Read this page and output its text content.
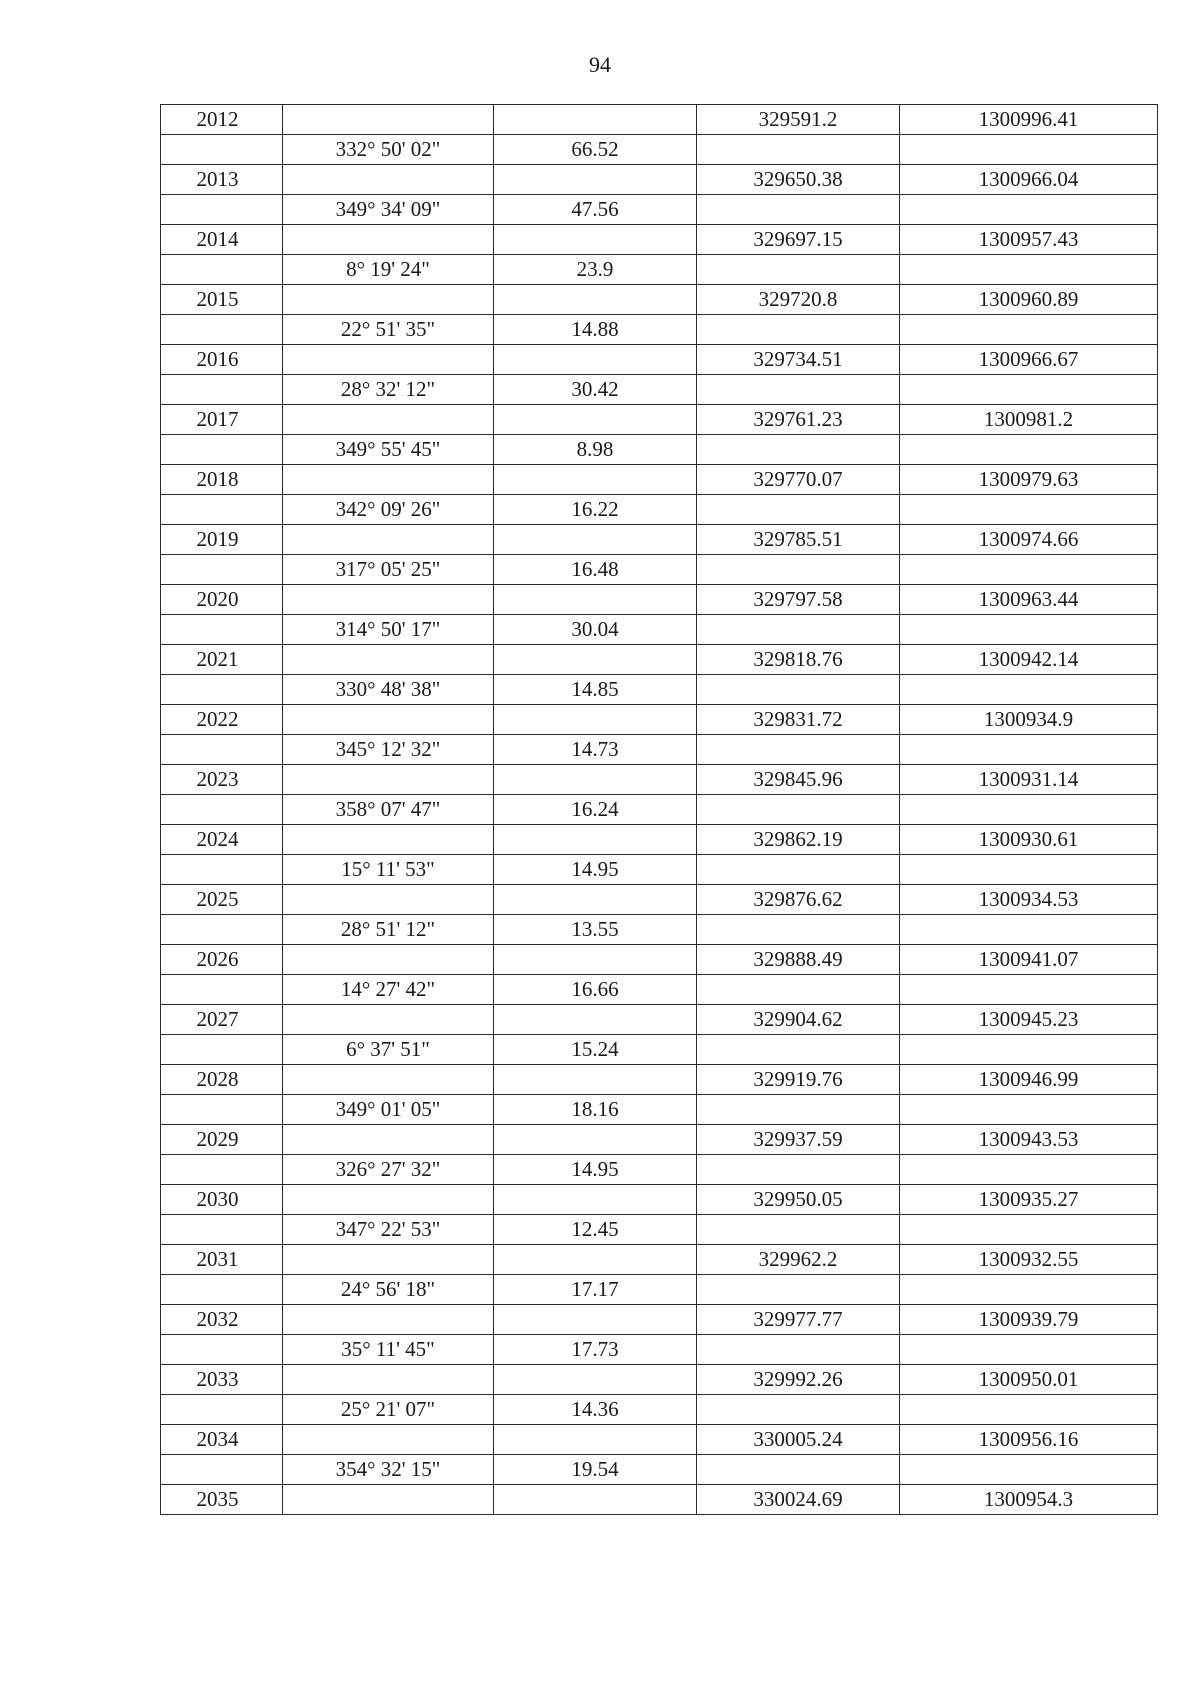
94
2012			329591.2	1300996.41
	332° 50' 02"	66.52		
2013			329650.38	1300966.04
	349° 34' 09"	47.56		
2014			329697.15	1300957.43
	8° 19' 24"	23.9		
2015			329720.8	1300960.89
	22° 51' 35"	14.88		
2016			329734.51	1300966.67
	28° 32' 12"	30.42		
2017			329761.23	1300981.2
	349° 55' 45"	8.98		
2018			329770.07	1300979.63
	342° 09' 26"	16.22		
2019			329785.51	1300974.66
	317° 05' 25"	16.48		
2020			329797.58	1300963.44
	314° 50' 17"	30.04		
2021			329818.76	1300942.14
	330° 48' 38"	14.85		
2022			329831.72	1300934.9
	345° 12' 32"	14.73		
2023			329845.96	1300931.14
	358° 07' 47"	16.24		
2024			329862.19	1300930.61
	15° 11' 53"	14.95		
2025			329876.62	1300934.53
	28° 51' 12"	13.55		
2026			329888.49	1300941.07
	14° 27' 42"	16.66		
2027			329904.62	1300945.23
	6° 37' 51"	15.24		
2028			329919.76	1300946.99
	349° 01' 05"	18.16		
2029			329937.59	1300943.53
	326° 27' 32"	14.95		
2030			329950.05	1300935.27
	347° 22' 53"	12.45		
2031			329962.2	1300932.55
	24° 56' 18"	17.17		
2032			329977.77	1300939.79
	35° 11' 45"	17.73		
2033			329992.26	1300950.01
	25° 21' 07"	14.36		
2034			330005.24	1300956.16
	354° 32' 15"	19.54		
2035			330024.69	1300954.3
